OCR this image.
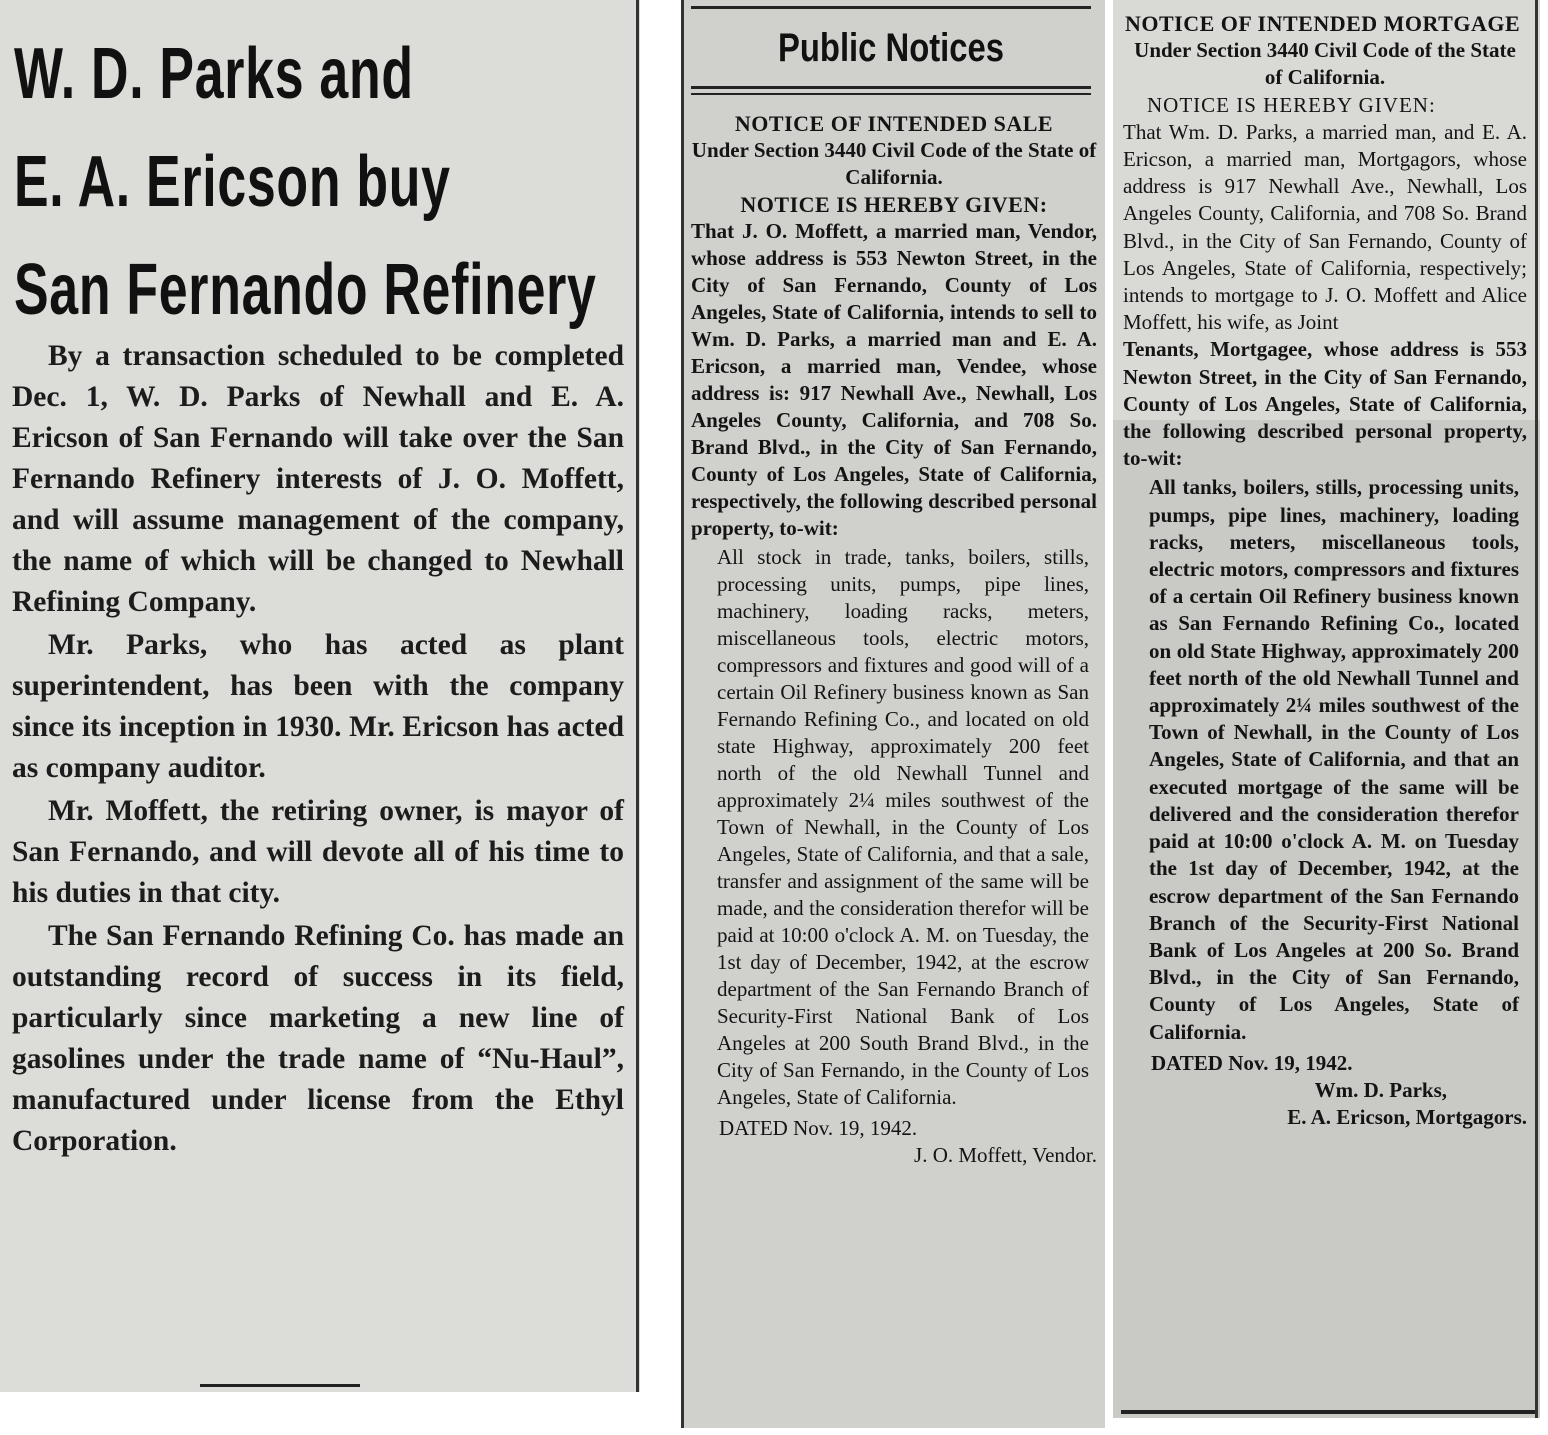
W. D. Parks and
E. A. Ericson buy
San Fernando Refinery

By a transaction scheduled to be completed Dec. 1, W. D. Parks of Newhall and E. A. Ericson of San Fernando will take over the San Fernando Refinery interests of J. O. Moffett, and will assume management of the company, the name of which will be changed to Newhall Refining Company.

Mr. Parks, who has acted as plant superintendent, has been with the company since its inception in 1930. Mr. Ericson has acted as company auditor.

Mr. Moffett, the retiring owner, is mayor of San Fernando, and will devote all of his time to his duties in that city.

The San Fernando Refining Co. has made an outstanding record of success in its field, particularly since marketing a new line of gasolines under the trade name of “Nu-Haul”, manufactured under license from the Ethyl Corporation.

Public Notices

NOTICE OF INTENDED SALE

Under Section 3440 Civil Code of the State of California.

NOTICE IS HEREBY GIVEN:

That J. O. Moffett, a married man, Vendor, whose address is 553 Newton Street, in the City of San Fernando, County of Los Angeles, State of California, intends to sell to Wm. D. Parks, a married man and E. A. Ericson, a married man, Vendee, whose address is: 917 Newhall Ave., Newhall, Los Angeles County, California, and 708 So. Brand Blvd., in the City of San Fernando, County of Los Angeles, State of California, respectively, the following described personal property, to-wit:

All stock in trade, tanks, boilers, stills, processing units, pumps, pipe lines, machinery, loading racks, meters, miscellaneous tools, electric motors, compressors and fixtures and good will of a certain Oil Refinery business known as San Fernando Refining Co., and located on old state Highway, approximately 200 feet north of the old Newhall Tunnel and approximately 2¼ miles southwest of the Town of Newhall, in the County of Los Angeles, State of California, and that a sale, transfer and assignment of the same will be made, and the consideration therefor will be paid at 10:00 o'clock A. M. on Tuesday, the 1st day of December, 1942, at the escrow department of the San Fernando Branch of Security-First National Bank of Los Angeles at 200 South Brand Blvd., in the City of San Fernando, in the County of Los Angeles, State of California.

DATED Nov. 19, 1942.

J. O. Moffett, Vendor.

NOTICE OF INTENDED MORTGAGE

Under Section 3440 Civil Code of the State of California.

NOTICE IS HEREBY GIVEN:

That Wm. D. Parks, a married man, and E. A. Ericson, a married man, Mortgagors, whose address is 917 Newhall Ave., Newhall, Los Angeles County, California, and 708 So. Brand Blvd., in the City of San Fernando, County of Los Angeles, State of California, respectively; intends to mortgage to J. O. Moffett and Alice Moffett, his wife, as Joint

Tenants, Mortgagee, whose address is 553 Newton Street, in the City of San Fernando, County of Los Angeles, State of California, the following described personal property, to-wit:

All tanks, boilers, stills, processing units, pumps, pipe lines, machinery, loading racks, meters, miscellaneous tools, electric motors, compressors and fixtures of a certain Oil Refinery business known as San Fernando Refining Co., located on old State Highway, approximately 200 feet north of the old Newhall Tunnel and approximately 2¼ miles southwest of the Town of Newhall, in the County of Los Angeles, State of California, and that an executed mortgage of the same will be delivered and the consideration therefor paid at 10:00 o'clock A. M. on Tuesday the 1st day of December, 1942, at the escrow department of the San Fernando Branch of the Security-First National Bank of Los Angeles at 200 So. Brand Blvd., in the City of San Fernando, County of Los Angeles, State of California.

DATED Nov. 19, 1942.

Wm. D. Parks,

E. A. Ericson, Mortgagors.
